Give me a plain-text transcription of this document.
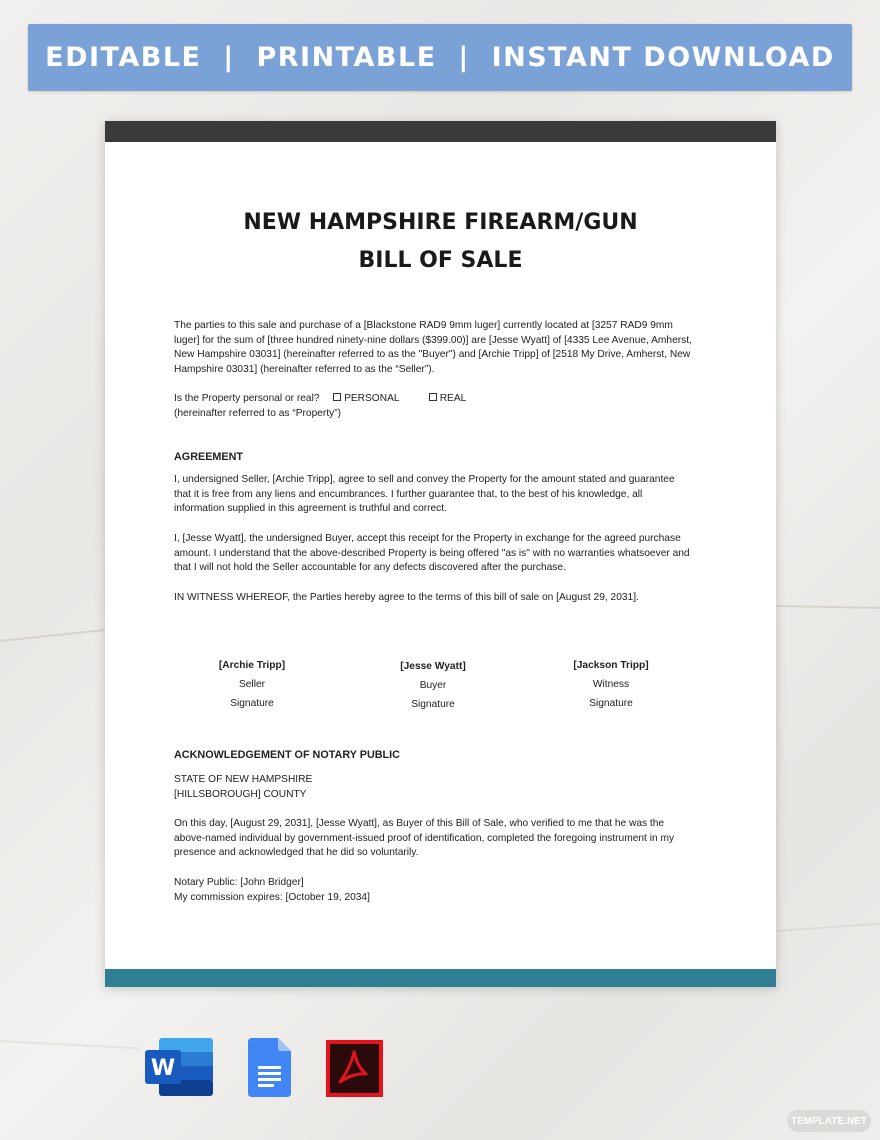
EDITABLE  |  PRINTABLE  |  INSTANT DOWNLOAD
NEW HAMPSHIRE FIREARM/GUN
BILL OF SALE

The parties to this sale and purchase of a [Blackstone RAD9 9mm luger] currently located at [3257 RAD9 9mm luger] for the sum of [three hundred ninety-nine dollars ($399.00)] are [Jesse Wyatt] of [4335 Lee Avenue, Amherst, New Hampshire 03031] (hereinafter referred to as the "Buyer") and [Archie Tripp] of [2518 My Drive, Amherst, New Hampshire 03031] (hereinafter referred to as the “Seller”).

Is the Property personal or real? PERSONAL	REAL
(hereinafter referred to as “Property”)
AGREEMENT

I, undersigned Seller, [Archie Tripp], agree to sell and convey the Property for the amount stated and guarantee that it is free from any liens and encumbrances. I further guarantee that, to the best of his knowledge, all information supplied in this agreement is truthful and correct.

I, [Jesse Wyatt], the undersigned Buyer, accept this receipt for the Property in exchange for the agreed purchase amount. I understand that the above-described Property is being offered "as is" with no warranties whatsoever and that I will not hold the Seller accountable for any defects discovered after the purchase.

IN WITNESS WHEREOF, the Parties hereby agree to the terms of this bill of sale on [August 29, 2031].

[Archie Tripp]
Seller
Signature
[Jesse Wyatt]
Buyer
Signature
[Jackson Tripp]
Witness
Signature
ACKNOWLEDGEMENT OF NOTARY PUBLIC
STATE OF NEW HAMPSHIRE
[HILLSBOROUGH] COUNTY

On this day, [August 29, 2031], [Jesse Wyatt], as Buyer of this Bill of Sale, who verified to me that he was the above-named individual by government-issued proof of identification, completed the foregoing instrument in my presence and acknowledged that he did so voluntarily.

Notary Public: [John Bridger]
My commission expires: [October 19, 2034]
W
TEMPLATE.NET
